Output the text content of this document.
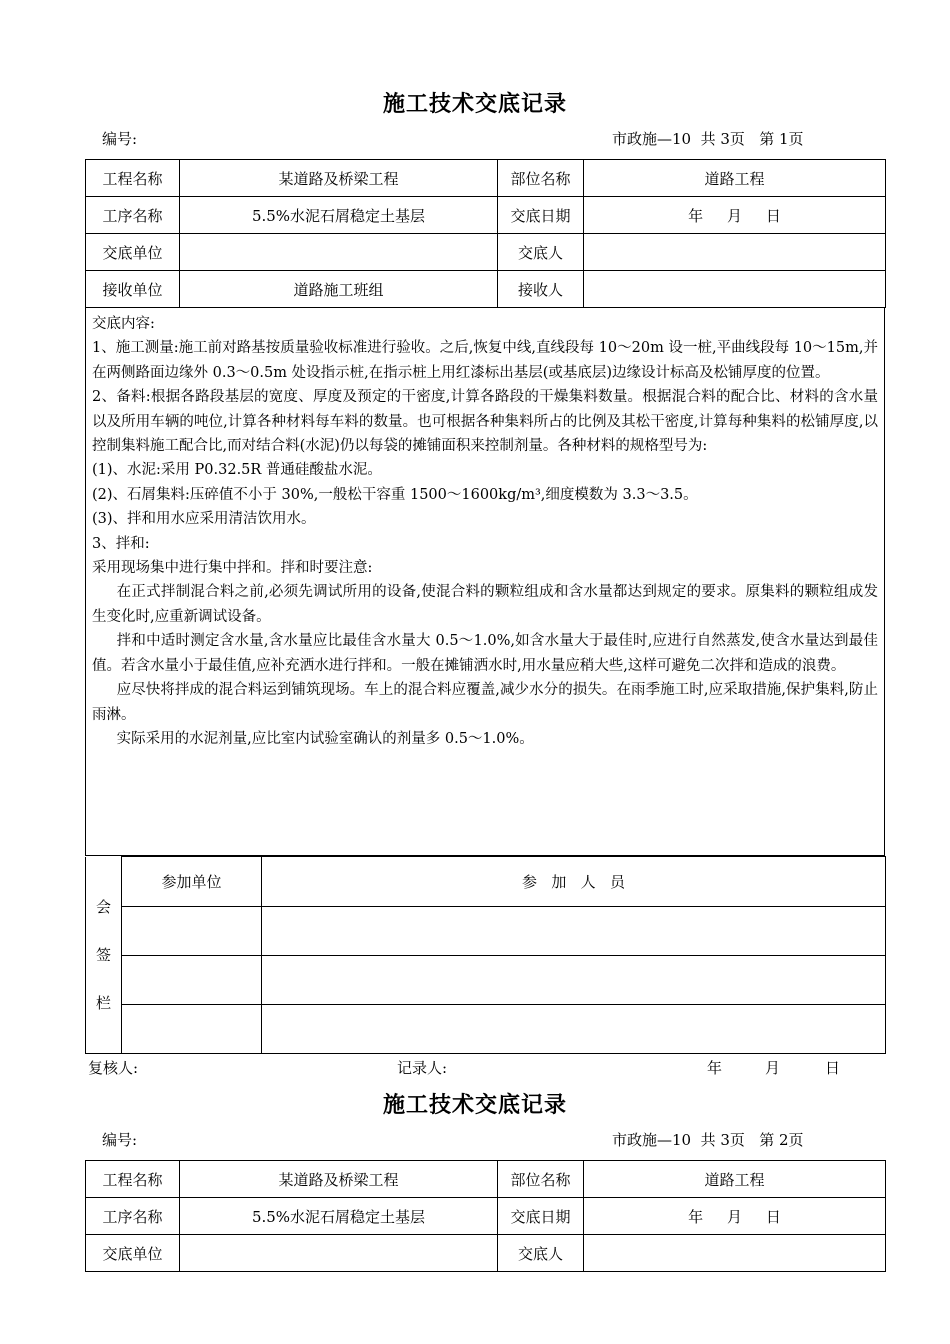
施工技术交底记录
编号:	市政施—10  共 3页   第 1页
工程名称	某道路及桥梁工程	部位名称	道路工程
工序名称	5.5%水泥石屑稳定土基层	交底日期	年     月     日
交底单位		交底人	
接收单位	道路施工班组	接收人	

交底内容:

1、施工测量:施工前对路基按质量验收标准进行验收。之后,恢复中线,直线段每 10～20m 设一桩,平曲线段每 10～15m,并在两侧路面边缘外 0.3～0.5m 处设指示桩,在指示桩上用红漆标出基层(或基底层)边缘设计标高及松铺厚度的位置。

2、备料:根据各路段基层的宽度、厚度及预定的干密度,计算各路段的干燥集料数量。根据混合料的配合比、材料的含水量以及所用车辆的吨位,计算各种材料每车料的数量。也可根据各种集料所占的比例及其松干密度,计算每种集料的松铺厚度,以控制集料施工配合比,而对结合料(水泥)仍以每袋的摊铺面积来控制剂量。各种材料的规格型号为:

(1)、水泥:采用 P0.32.5R 普通硅酸盐水泥。

(2)、石屑集料:压碎值不小于 30%,一般松干容重 1500～1600kg/m³,细度模数为 3.3～3.5。

(3)、拌和用水应采用清洁饮用水。

3、拌和:

采用现场集中进行集中拌和。拌和时要注意:

在正式拌制混合料之前,必须先调试所用的设备,使混合料的颗粒组成和含水量都达到规定的要求。原集料的颗粒组成发生变化时,应重新调试设备。

拌和中适时测定含水量,含水量应比最佳含水量大 0.5～1.0%,如含水量大于最佳时,应进行自然蒸发,使含水量达到最佳值。若含水量小于最佳值,应补充洒水进行拌和。一般在摊铺洒水时,用水量应稍大些,这样可避免二次拌和造成的浪费。

应尽快将拌成的混合料运到铺筑现场。车上的混合料应覆盖,减少水分的损失。在雨季施工时,应采取措施,保护集料,防止雨淋。

实际采用的水泥剂量,应比室内试验室确认的剂量多 0.5～1.0%。

会
签
栏	参加单位	参   加   人   员

复核人:	记录人:	年	月	日
施工技术交底记录
编号:	市政施—10  共 3页   第 2页
工程名称	某道路及桥梁工程	部位名称	道路工程
工序名称	5.5%水泥石屑稳定土基层	交底日期	年     月     日
交底单位		交底人	
